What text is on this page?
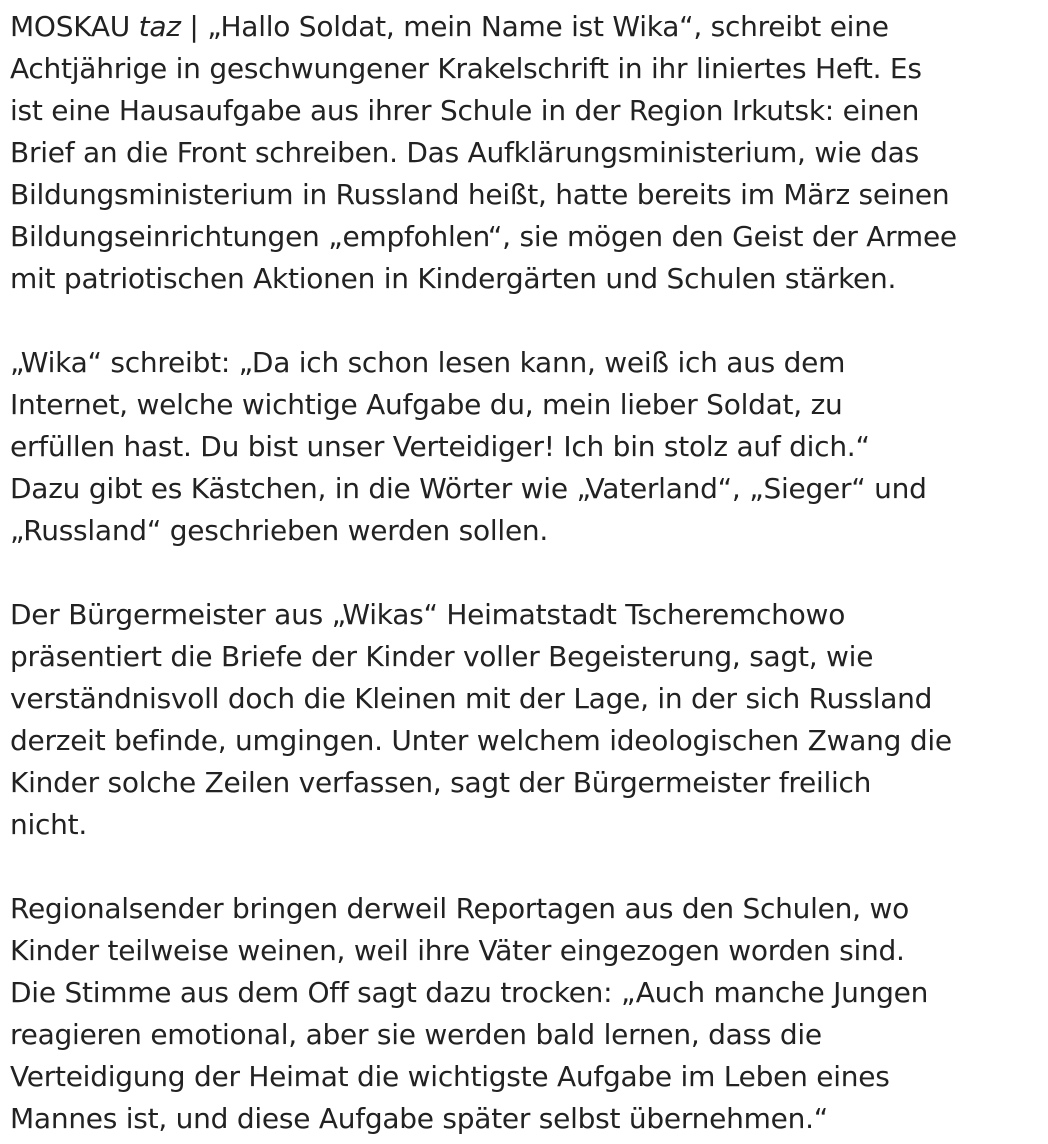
MOSKAU taz | „Hallo Soldat, mein Name ist Wika“, schreibt eine
Achtjährige in geschwungener Krakelschrift in ihr liniertes Heft. Es
ist eine Hausaufgabe aus ihrer Schule in der Region Irkutsk: einen
Brief an die Front schreiben. Das Aufklärungsministerium, wie das
Bildungsministerium in Russland heißt, hatte bereits im März seinen
Bildungseinrichtungen „empfohlen“, sie mögen den Geist der Armee
mit patriotischen Aktionen in Kindergärten und Schulen stärken.

„Wika“ schreibt: „Da ich schon lesen kann, weiß ich aus dem
Internet, welche wichtige Aufgabe du, mein lieber Soldat, zu
erfüllen hast. Du bist unser Verteidiger! Ich bin stolz auf dich.“
Dazu gibt es Kästchen, in die Wörter wie „Vaterland“, „Sieger“ und
„Russland“ geschrieben werden sollen.

Der Bürgermeister aus „Wikas“ Heimatstadt Tscheremchowo
präsentiert die Briefe der Kinder voller Begeisterung, sagt, wie
verständnisvoll doch die Kleinen mit der Lage, in der sich Russland
derzeit befinde, umgingen. Unter welchem ideologischen Zwang die
Kinder solche Zeilen verfassen, sagt der Bürgermeister freilich
nicht.

Regionalsender bringen derweil Reportagen aus den Schulen, wo
Kinder teilweise weinen, weil ihre Väter eingezogen worden sind.
Die Stimme aus dem Off sagt dazu trocken: „Auch manche Jungen
reagieren emotional, aber sie werden bald lernen, dass die
Verteidigung der Heimat die wichtigste Aufgabe im Leben eines
Mannes ist, und diese Aufgabe später selbst übernehmen.“
